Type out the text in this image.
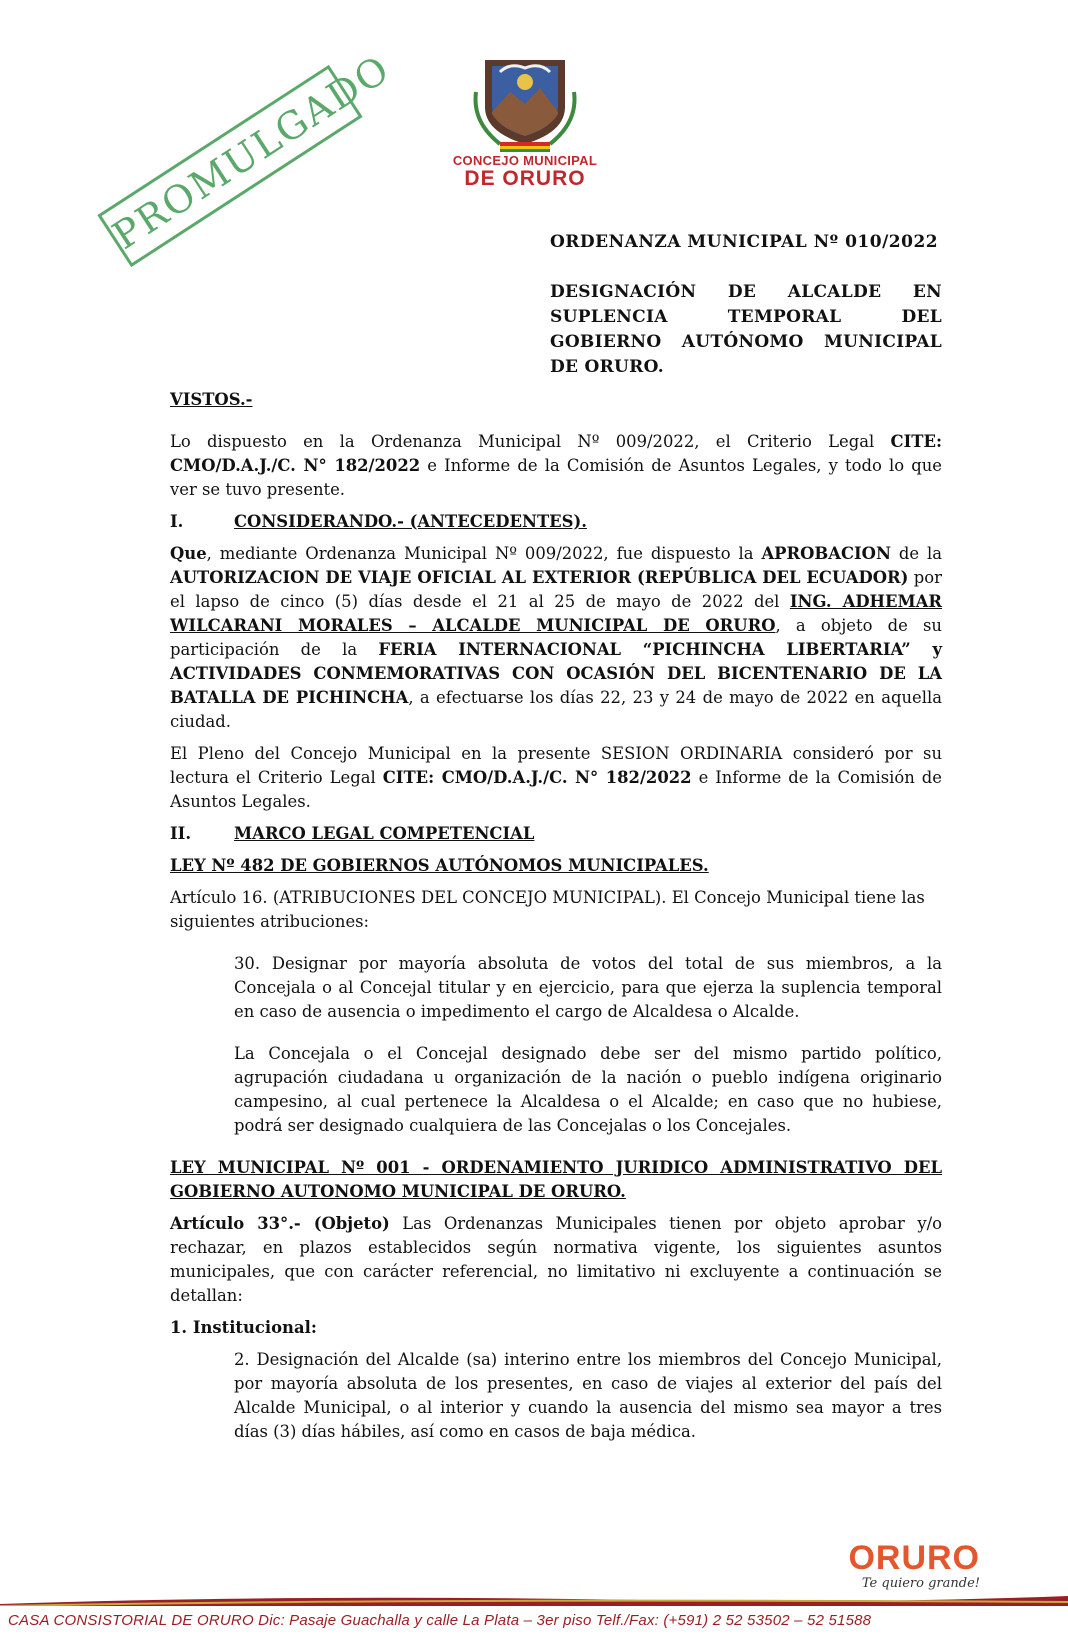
CONCEJO MUNICIPAL
DE ORURO
PROMULGADO	ORDENANZA MUNICIPAL Nº 010/2022
DESIGNACIÓN DE ALCALDE EN SUPLENCIA TEMPORAL DEL GOBIERNO AUTÓNOMO MUNICIPAL DE ORURO.

VISTOS.-

Lo dispuesto en la Ordenanza Municipal Nº 009/2022, el Criterio Legal CITE: CMO/D.A.J./C. N° 182/2022 e Informe de la Comisión de Asuntos Legales, y todo lo que ver se tuvo presente.

I.	CONSIDERANDO.- (ANTECEDENTES).

Que, mediante Ordenanza Municipal Nº 009/2022, fue dispuesto la APROBACION de la AUTORIZACION DE VIAJE OFICIAL AL EXTERIOR (REPÚBLICA DEL ECUADOR) por el lapso de cinco (5) días desde el 21 al 25 de mayo de 2022 del ING. ADHEMAR WILCARANI MORALES – ALCALDE MUNICIPAL DE ORURO, a objeto de su participación de la FERIA INTERNACIONAL “PICHINCHA LIBERTARIA” y ACTIVIDADES CONMEMORATIVAS CON OCASIÓN DEL BICENTENARIO DE LA BATALLA DE PICHINCHA, a efectuarse los días 22, 23 y 24 de mayo de 2022 en aquella ciudad.

El Pleno del Concejo Municipal en la presente SESION ORDINARIA consideró por su lectura el Criterio Legal CITE: CMO/D.A.J./C. N° 182/2022 e Informe de la Comisión de Asuntos Legales.

II.	MARCO LEGAL COMPETENCIAL

LEY Nº 482 DE GOBIERNOS AUTÓNOMOS MUNICIPALES.

Artículo 16. (ATRIBUCIONES DEL CONCEJO MUNICIPAL). El Concejo Municipal tiene las siguientes atribuciones:

30. Designar por mayoría absoluta de votos del total de sus miembros, a la Concejala o al Concejal titular y en ejercicio, para que ejerza la suplencia temporal en caso de ausencia o impedimento el cargo de Alcaldesa o Alcalde.

La Concejala o el Concejal designado debe ser del mismo partido político, agrupación ciudadana u organización de la nación o pueblo indígena originario campesino, al cual pertenece la Alcaldesa o el Alcalde; en caso que no hubiese, podrá ser designado cualquiera de las Concejalas o los Concejales.

LEY MUNICIPAL Nº 001 - ORDENAMIENTO JURIDICO ADMINISTRATIVO DEL GOBIERNO AUTONOMO MUNICIPAL DE ORURO.

Artículo 33°.- (Objeto) Las Ordenanzas Municipales tienen por objeto aprobar y/o rechazar, en plazos establecidos según normativa vigente, los siguientes asuntos municipales, que con carácter referencial, no limitativo ni excluyente a continuación se detallan:

1. Institucional:

2. Designación del Alcalde (sa) interino entre los miembros del Concejo Municipal, por mayoría absoluta de los presentes, en caso de viajes al exterior del país del Alcalde Municipal, o al interior y cuando la ausencia del mismo sea mayor a tres días (3) días hábiles, así como en casos de baja médica.

ORURO
Te quiero grande!
CASA CONSISTORIAL DE ORURO Dic: Pasaje Guachalla y calle La Plata – 3er piso Telf./Fax: (+591) 2 52 53502 – 52 51588
